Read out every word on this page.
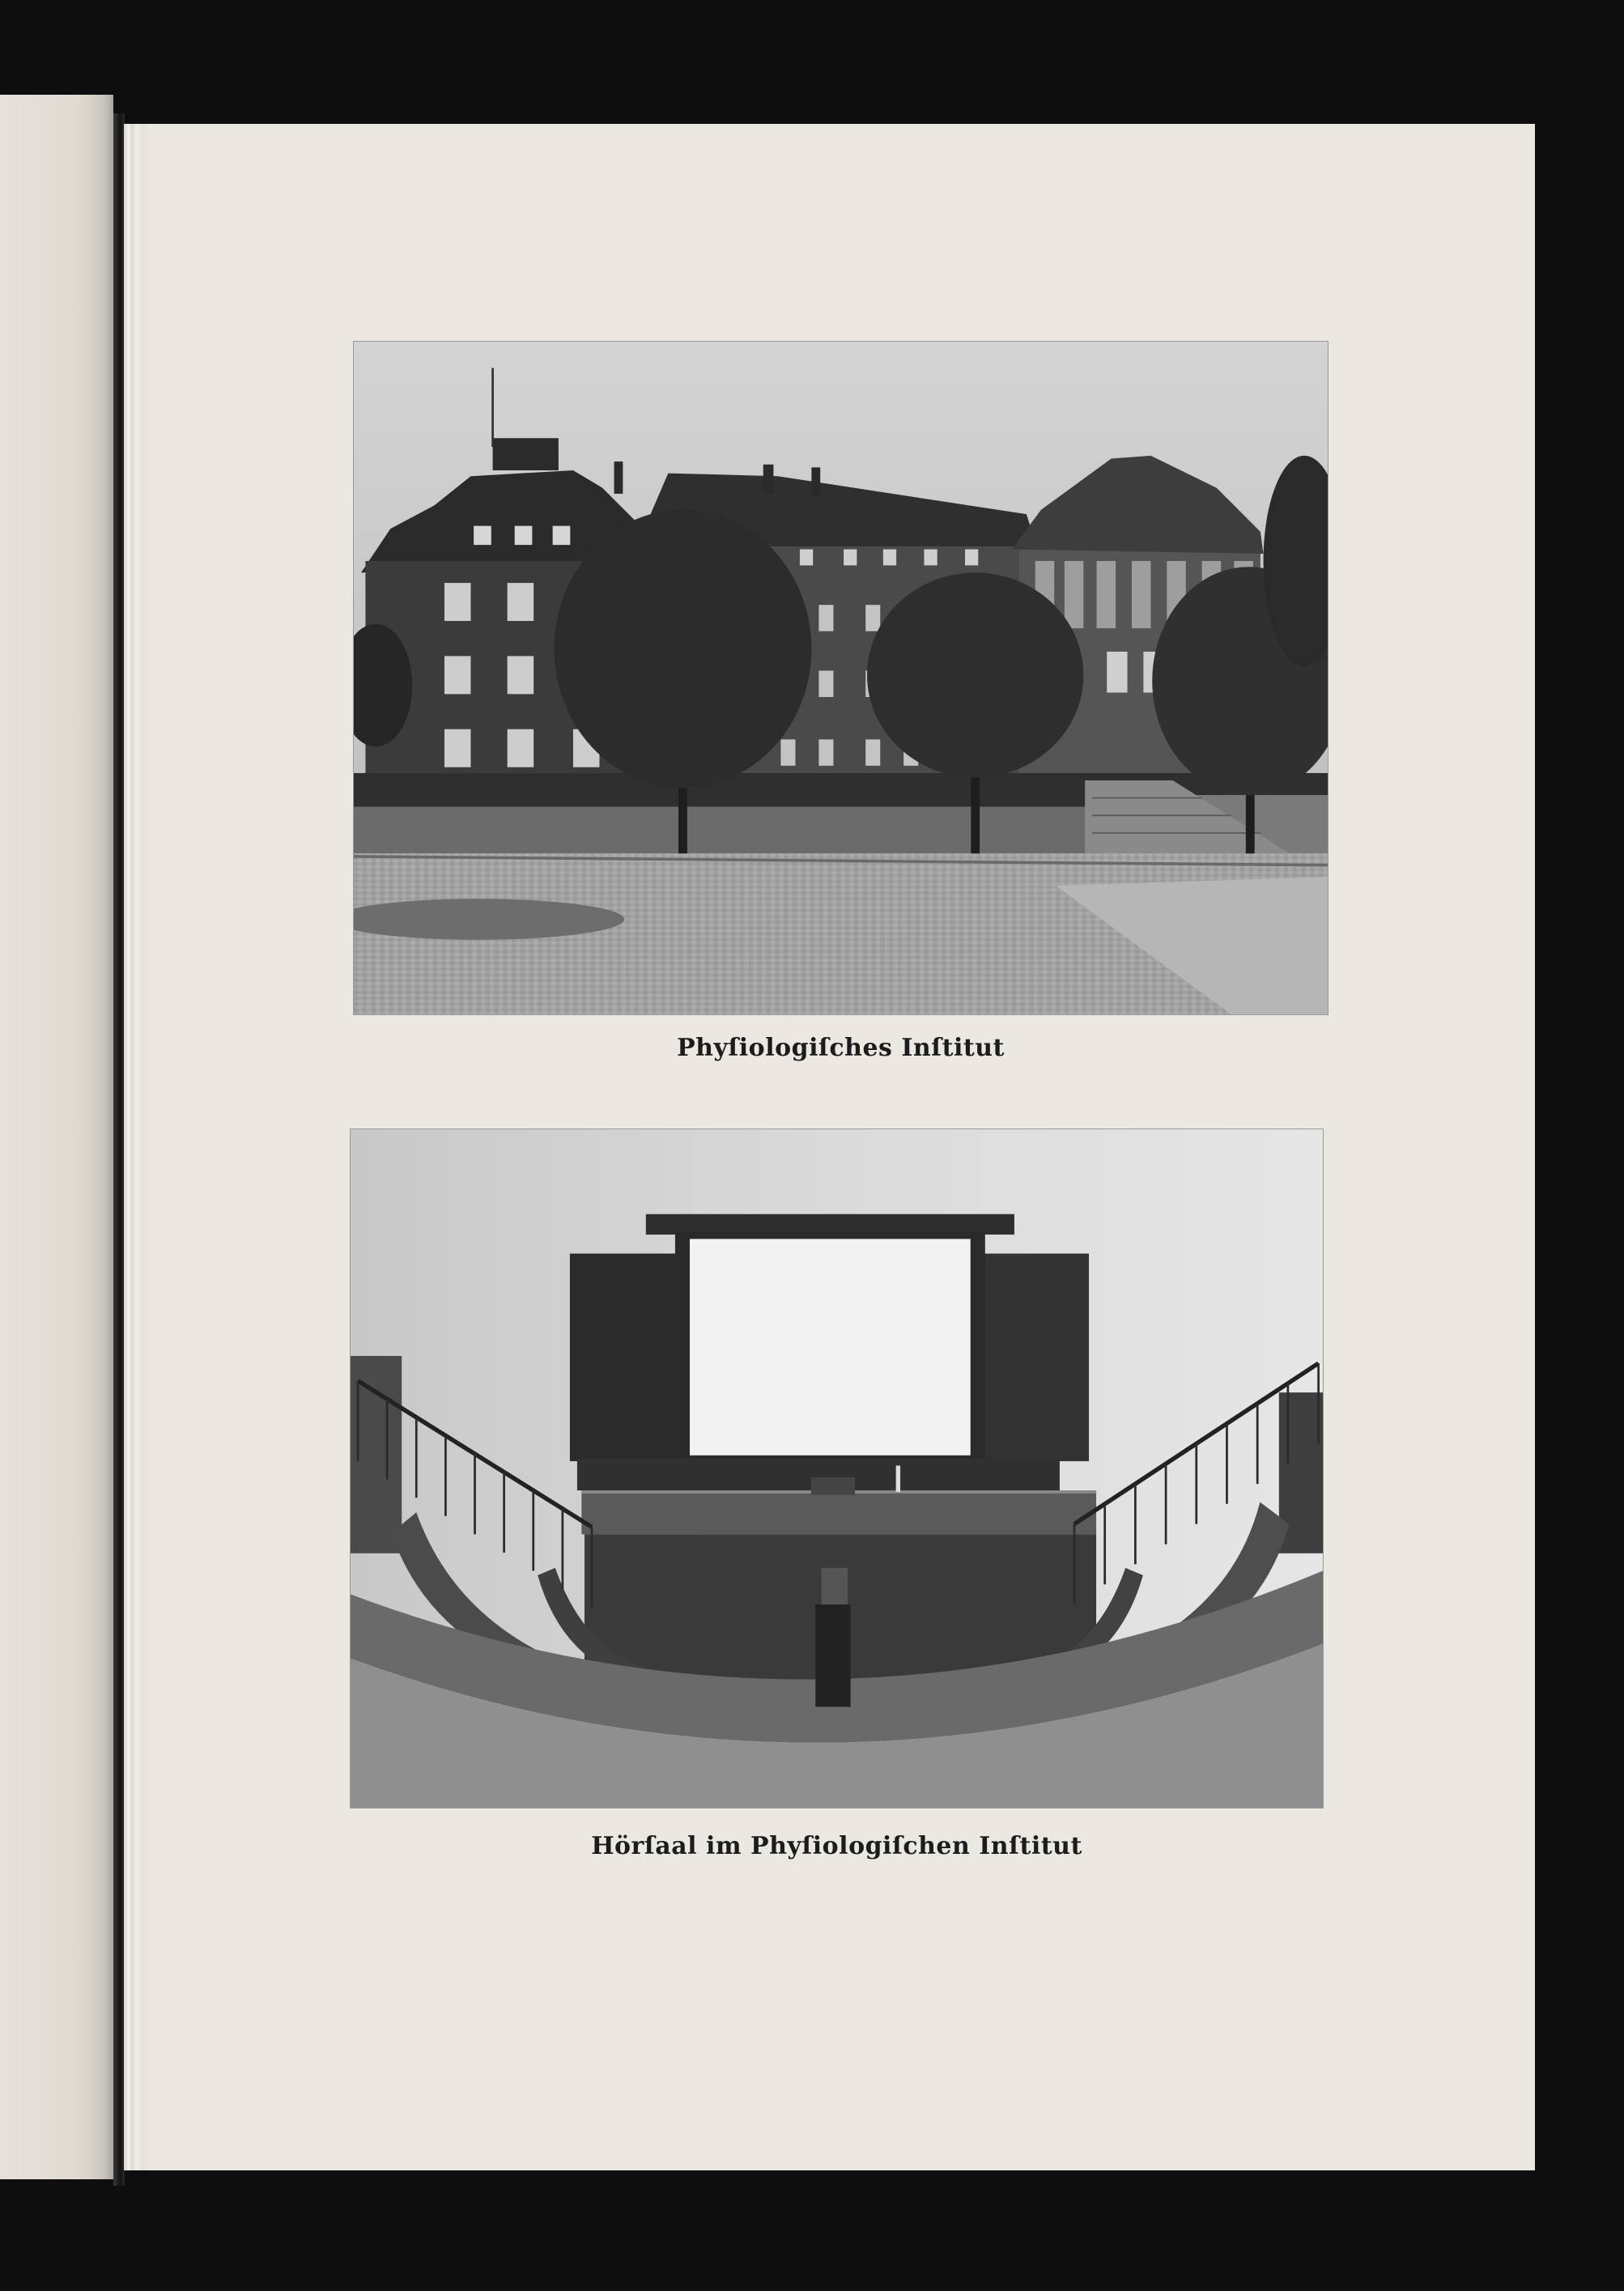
Phyſiologiſches Inſtitut
Hörſaal im Phyſiologiſchen Inſtitut
